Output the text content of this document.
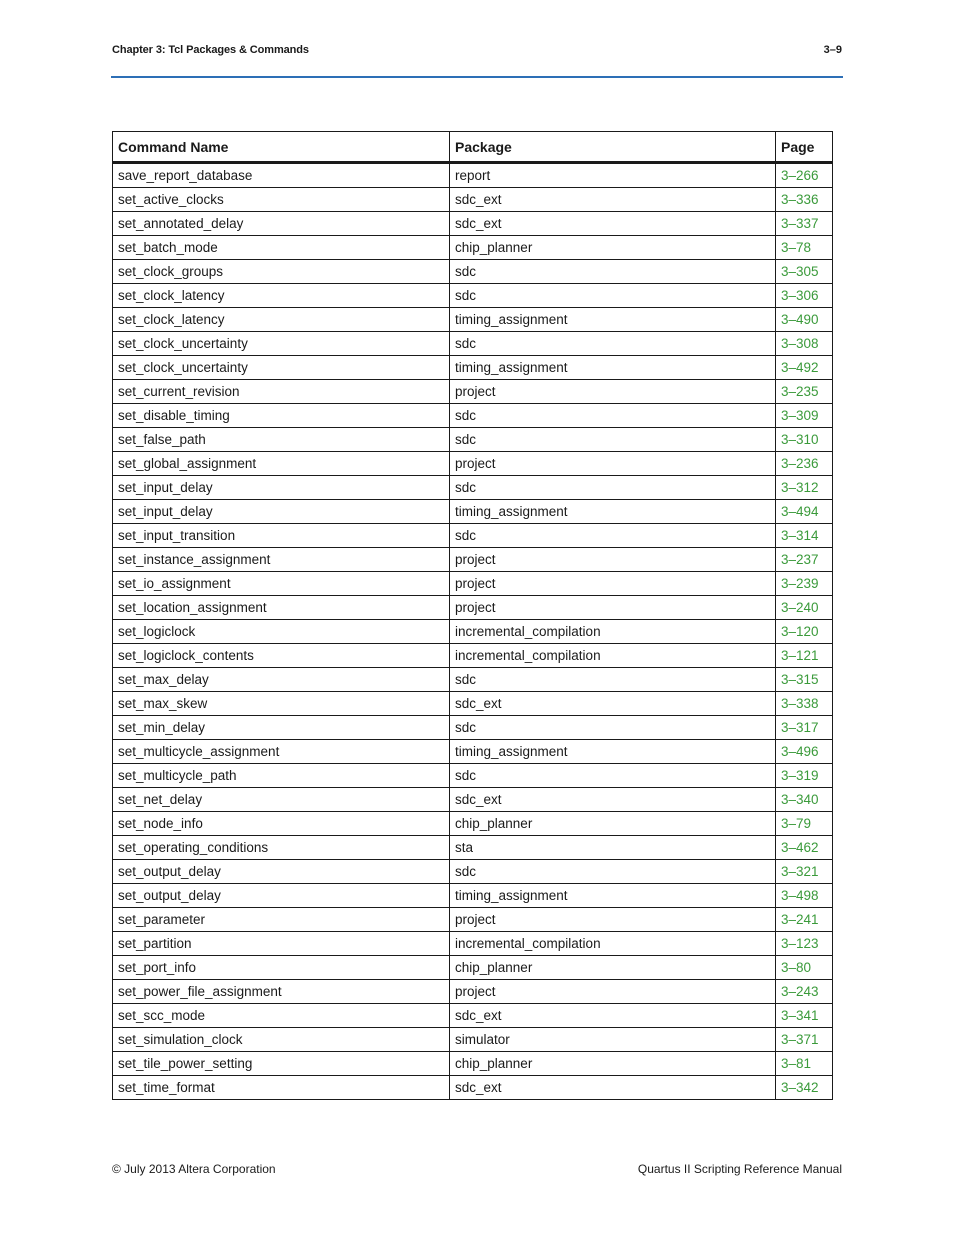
Chapter 3: Tcl Packages & Commands	3–9
Command Name	Package	Page
save_report_database	report	3–266
set_active_clocks	sdc_ext	3–336
set_annotated_delay	sdc_ext	3–337
set_batch_mode	chip_planner	3–78
set_clock_groups	sdc	3–305
set_clock_latency	sdc	3–306
set_clock_latency	timing_assignment	3–490
set_clock_uncertainty	sdc	3–308
set_clock_uncertainty	timing_assignment	3–492
set_current_revision	project	3–235
set_disable_timing	sdc	3–309
set_false_path	sdc	3–310
set_global_assignment	project	3–236
set_input_delay	sdc	3–312
set_input_delay	timing_assignment	3–494
set_input_transition	sdc	3–314
set_instance_assignment	project	3–237
set_io_assignment	project	3–239
set_location_assignment	project	3–240
set_logiclock	incremental_compilation	3–120
set_logiclock_contents	incremental_compilation	3–121
set_max_delay	sdc	3–315
set_max_skew	sdc_ext	3–338
set_min_delay	sdc	3–317
set_multicycle_assignment	timing_assignment	3–496
set_multicycle_path	sdc	3–319
set_net_delay	sdc_ext	3–340
set_node_info	chip_planner	3–79
set_operating_conditions	sta	3–462
set_output_delay	sdc	3–321
set_output_delay	timing_assignment	3–498
set_parameter	project	3–241
set_partition	incremental_compilation	3–123
set_port_info	chip_planner	3–80
set_power_file_assignment	project	3–243
set_scc_mode	sdc_ext	3–341
set_simulation_clock	simulator	3–371
set_tile_power_setting	chip_planner	3–81
set_time_format	sdc_ext	3–342
© July 2013 Altera Corporation	Quartus II Scripting Reference Manual
